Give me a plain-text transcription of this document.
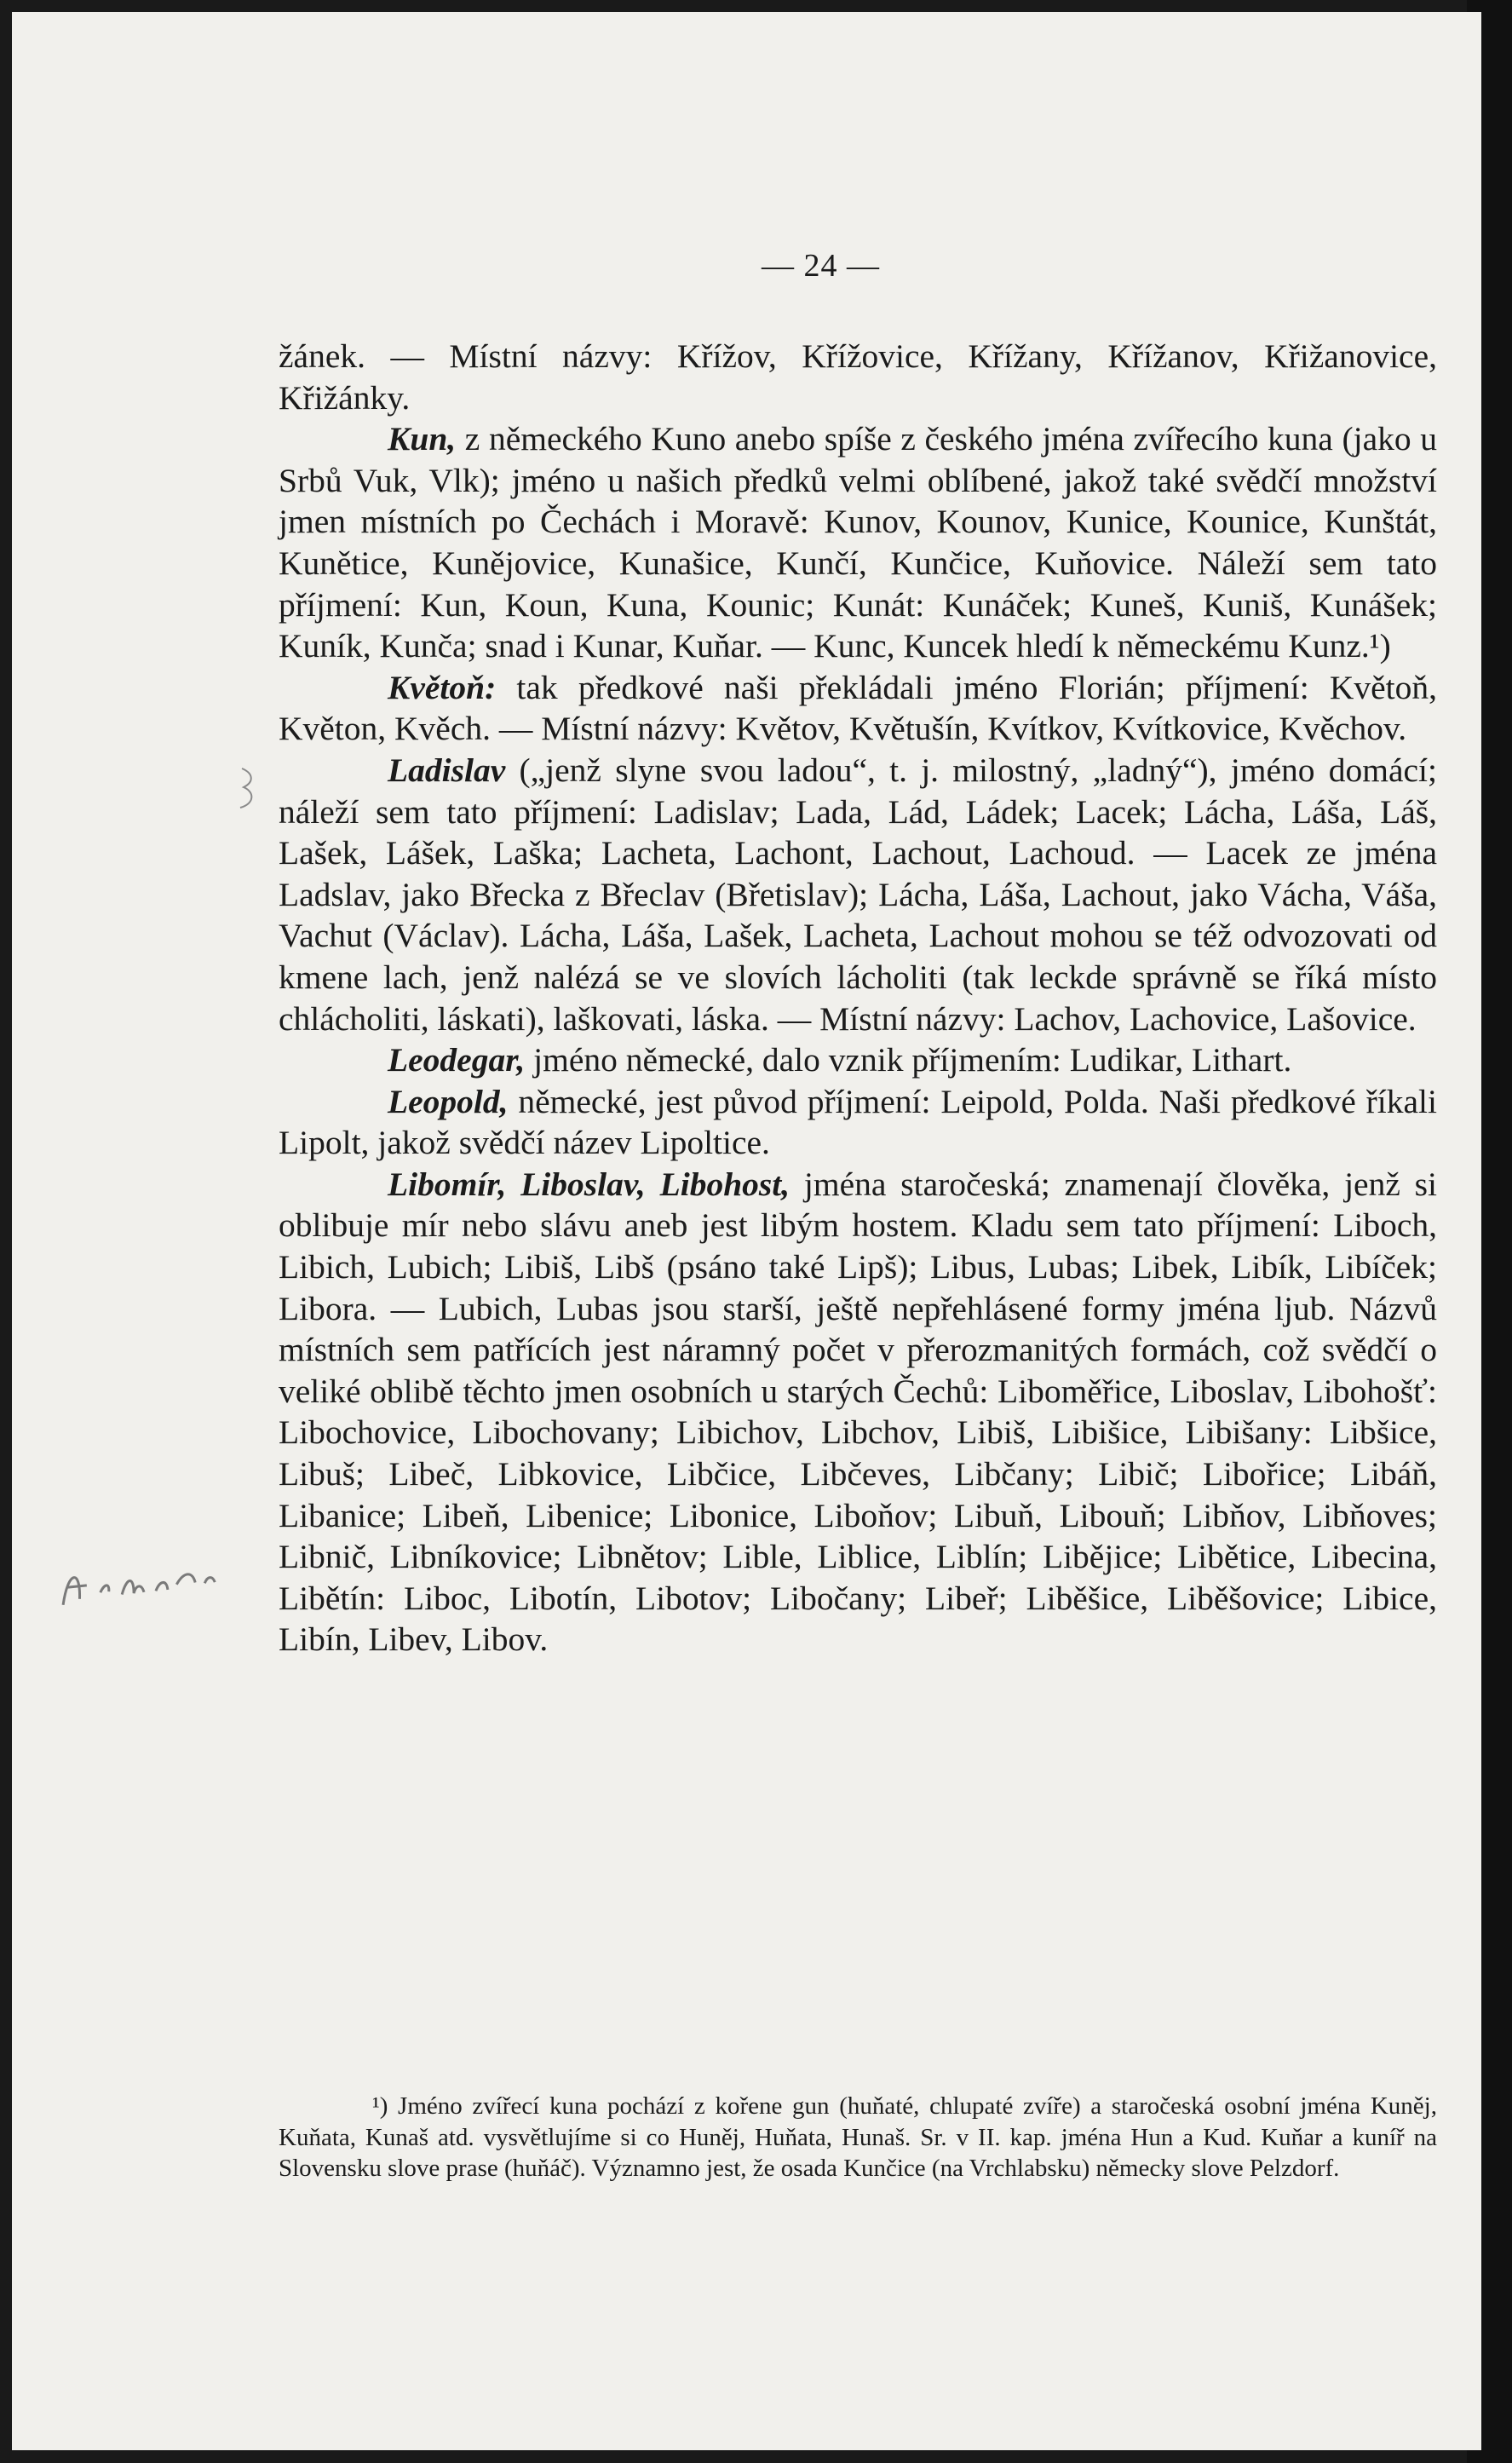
— 24 —

žánek. — Místní názvy: Křížov, Křížovice, Křížany, Křížanov, Křižanovice, Křižánky.

Kun, z německého Kuno anebo spíše z českého jména zvířecího kuna (jako u Srbů Vuk, Vlk); jméno u našich předků velmi oblíbené, jakož také svědčí množství jmen místních po Čechách i Moravě: Kunov, Kounov, Kunice, Kounice, Kunštát, Kunětice, Kunějovice, Kunašice, Kunčí, Kunčice, Kuňovice. Náleží sem tato příjmení: Kun, Koun, Kuna, Kounic; Kunát: Kunáček; Kuneš, Kuniš, Kunášek; Kuník, Kunča; snad i Kunar, Kuňar. — Kunc, Kuncek hledí k německému Kunz.¹)

Květoň: tak předkové naši překládali jméno Florián; příjmení: Květoň, Květon, Kvěch. — Místní názvy: Květov, Květušín, Kvítkov, Kvítkovice, Kvěchov.

Ladislav („jenž slyne svou ladou“, t. j. milostný, „ladný“), jméno domácí; náleží sem tato příjmení: Ladislav; Lada, Lád, Ládek; Lacek; Lácha, Láša, Láš, Lašek, Lášek, Laška; Lacheta, Lachont, Lachout, Lachoud. — Lacek ze jména Ladslav, jako Břecka z Břeclav (Břetislav); Lácha, Láša, Lachout, jako Vácha, Váša, Vachut (Václav). Lácha, Láša, Lašek, Lacheta, Lachout mohou se též odvozovati od kmene lach, jenž nalézá se ve slovích lácholiti (tak leckde správně se říká místo chlácholiti, láskati), laškovati, láska. — Místní názvy: Lachov, Lachovice, Lašovice.

Leodegar, jméno německé, dalo vznik příjmením: Ludikar, Lithart.

Leopold, německé, jest původ příjmení: Leipold, Polda. Naši předkové říkali Lipolt, jakož svědčí název Lipoltice.

Libomír, Liboslav, Libohost, jména staročeská; znamenají člověka, jenž si oblibuje mír nebo slávu aneb jest libým hostem. Kladu sem tato příjmení: Liboch, Libich, Lubich; Libiš, Libš (psáno také Lipš); Libus, Lubas; Libek, Libík, Libíček; Libora. — Lubich, Lubas jsou starší, ještě nepřehlásené formy jména ljub. Názvů místních sem patřících jest náramný počet v přerozmanitých formách, což svědčí o veliké oblibě těchto jmen osobních u starých Čechů: Liboměřice, Liboslav, Libohošť: Libochovice, Libochovany; Libichov, Libchov, Libiš, Libišice, Libišany: Libšice, Libuš; Libeč, Libkovice, Libčice, Libčeves, Libčany; Libič; Libořice; Libáň, Libanice; Libeň, Libenice; Libonice, Liboňov; Libuň, Libouň; Libňov, Libňoves; Libnič, Libníkovice; Libnětov; Lible, Liblice, Liblín; Libějice; Libětice, Libecina, Libětín: Liboc, Libotín, Libotov; Libočany; Libeř; Liběšice, Liběšovice; Libice, Libín, Libev, Libov.

¹) Jméno zvířecí kuna pochází z kořene gun (huňaté, chlupaté zvíře) a staročeská osobní jména Kuněj, Kuňata, Kunaš atd. vysvětlujíme si co Huněj, Huňata, Hunaš. Sr. v II. kap. jména Hun a Kud. Kuňar a kuníř na Slovensku slove prase (huňáč). Významno jest, že osada Kunčice (na Vrchlabsku) německy slove Pelzdorf.
